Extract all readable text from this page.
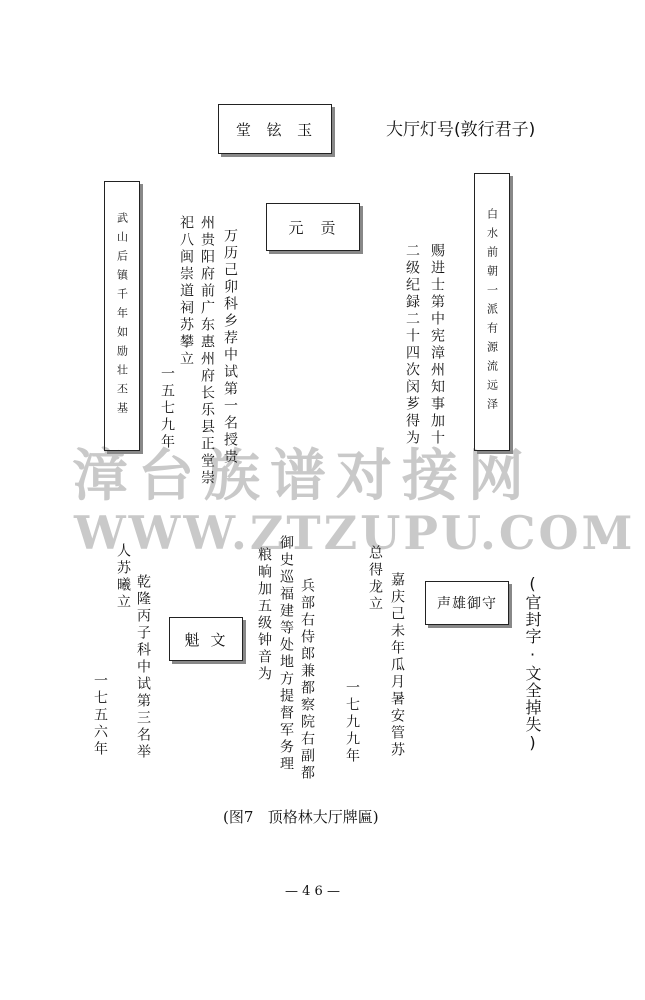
漳台族谱对接网
WWW.ZTZUPU.COM
堂 铉 玉	大厅灯号(敦行君子)
武山后镇千年如励壮丕基	白水前朝一派有源流远泽
元 贡
万历己卯科乡荐中试第一名授贵
州贵阳府前广东惠州府长乐县正堂崇
祀八闽崇道祠苏攀立
一五七九年	赐进士第中宪漳州知事加十
二级纪録二十四次闵芗得为
人苏曦立 乾隆丙子科中试第三名举
一七五六年
魁 文 粮晌加五级钟音为 御史巡福建等处地方提督军务理 兵部右侍郎兼都察院右副都	总得龙立 嘉庆己未年瓜月暑安管苏
一七九九年
声雄御守 (官封字·文全掉失)
(图7   顶格林大厅牌匾)
— 4 6 —
